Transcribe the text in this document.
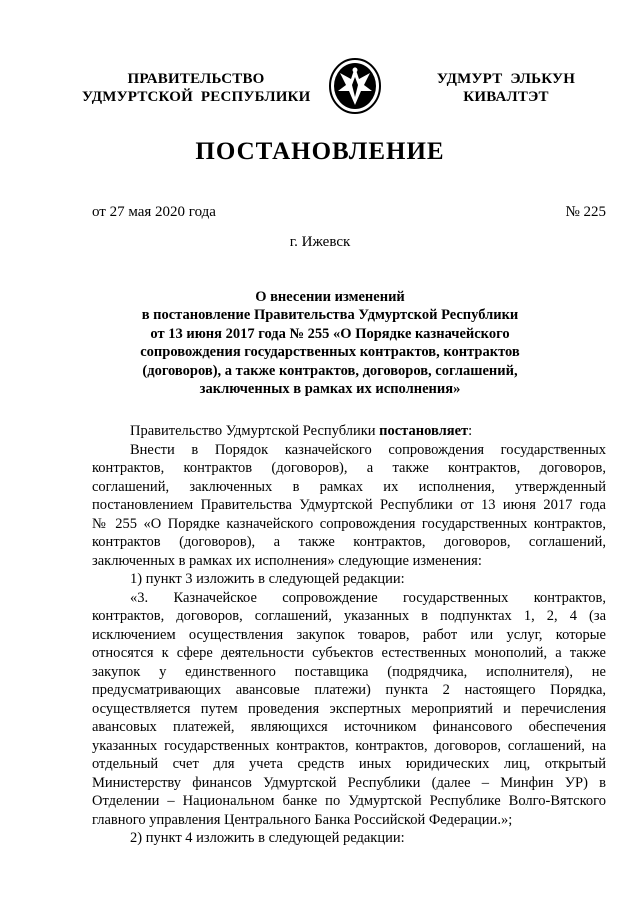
ПРАВИТЕЛЬСТВО
УДМУРТСКОЙ  РЕСПУБЛИКИ
УДМУРТ  ЭЛЬКУН
КИВАЛТЭТ
ПОСТАНОВЛЕНИЕ
от 27 мая 2020 года	№ 225
г. Ижевск
О внесении изменений
в постановление Правительства Удмуртской Республики
от 13 июня 2017 года № 255 «О Порядке казначейского
сопровождения государственных контрактов, контрактов
(договоров), а также контрактов, договоров, соглашений,
заключенных в рамках их исполнения»
Правительство Удмуртской Республики постановляет:
Внести в Порядок казначейского сопровождения государственных
контрактов, контрактов (договоров), а также контрактов, договоров,
соглашений, заключенных в рамках их исполнения, утвержденный
постановлением Правительства Удмуртской Республики от 13 июня 2017 года
№ 255 «О Порядке казначейского сопровождения государственных контрактов,
контрактов (договоров), а также контрактов, договоров, соглашений,
заключенных в рамках их исполнения» следующие изменения:
1) пункт 3 изложить в следующей редакции:
«3. Казначейское сопровождение государственных контрактов,
контрактов, договоров, соглашений, указанных в подпунктах 1, 2, 4 (за
исключением осуществления закупок товаров, работ или услуг, которые
относятся к сфере деятельности субъектов естественных монополий, а также
закупок у единственного поставщика (подрядчика, исполнителя), не
предусматривающих авансовые платежи) пункта 2 настоящего Порядка,
осуществляется путем проведения экспертных мероприятий и перечисления
авансовых платежей, являющихся источником финансового обеспечения
указанных государственных контрактов, контрактов, договоров, соглашений, на
отдельный счет для учета средств иных юридических лиц, открытый
Министерству финансов Удмуртской Республики (далее – Минфин УР) в
Отделении – Национальном банке по Удмуртской Республике Волго-Вятского
главного управления Центрального Банка Российской Федерации.»;
2) пункт 4 изложить в следующей редакции:
